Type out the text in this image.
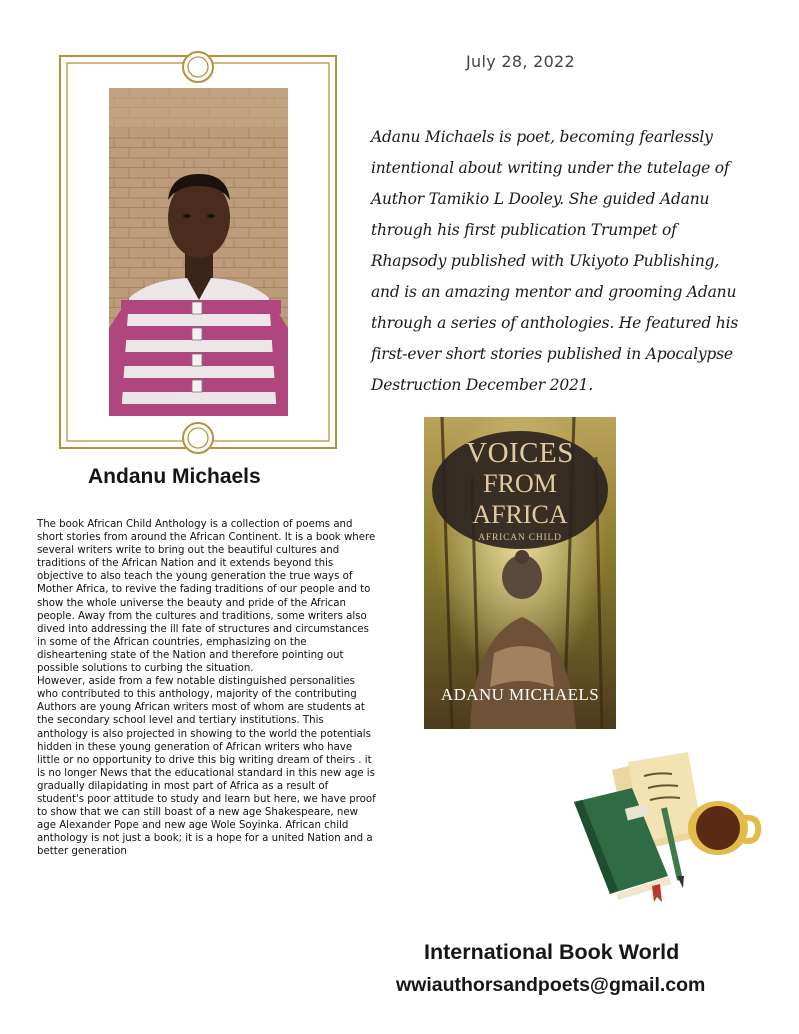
July 28, 2022
Andanu Michaels
Adanu Michaels is poet, becoming fearlessly intentional about writing under the tutelage of Author Tamikio L Dooley. She guided Adanu through his first publication Trumpet of Rhapsody published with Ukiyoto Publishing, and is an amazing mentor and grooming Adanu through a series of anthologies. He featured his first-ever short stories published in Apocalypse Destruction December 2021.

The book African Child Anthology is a collection of poems and short stories from around the African Continent. It is a book where several writers write to bring out the beautiful cultures and traditions of the African Nation and it extends beyond this objective to also teach the young generation the true ways of Mother Africa, to revive the fading traditions of our people and to show the whole universe the beauty and pride of the African people. Away from the cultures and traditions, some writers also dived into addressing the ill fate of structures and circumstances in some of the African countries, emphasizing on the disheartening state of the Nation and therefore pointing out possible solutions to curbing the situation.

However, aside from a few notable distinguished personalities who contributed to this anthology, majority of the contributing Authors are young African writers most of whom are students at the secondary school level and tertiary institutions. This anthology is also projected in showing to the world the potentials hidden in these young generation of African writers who have little or no opportunity to drive this big writing dream of theirs . it is no longer News that the educational standard in this new age is gradually dilapidating in most part of Africa as a result of student's poor attitude to study and learn but here, we have proof to show that we can still boast of a new age Shakespeare, new age Alexander Pope and new age Wole Soyinka. African child anthology is not just a book; it is a hope for a united Nation and a better generation

VOICES
FROM
AFRICA
AFRICAN CHILD
ADANU MICHAELS
International Book World
wwiauthorsandpoets@gmail.com
